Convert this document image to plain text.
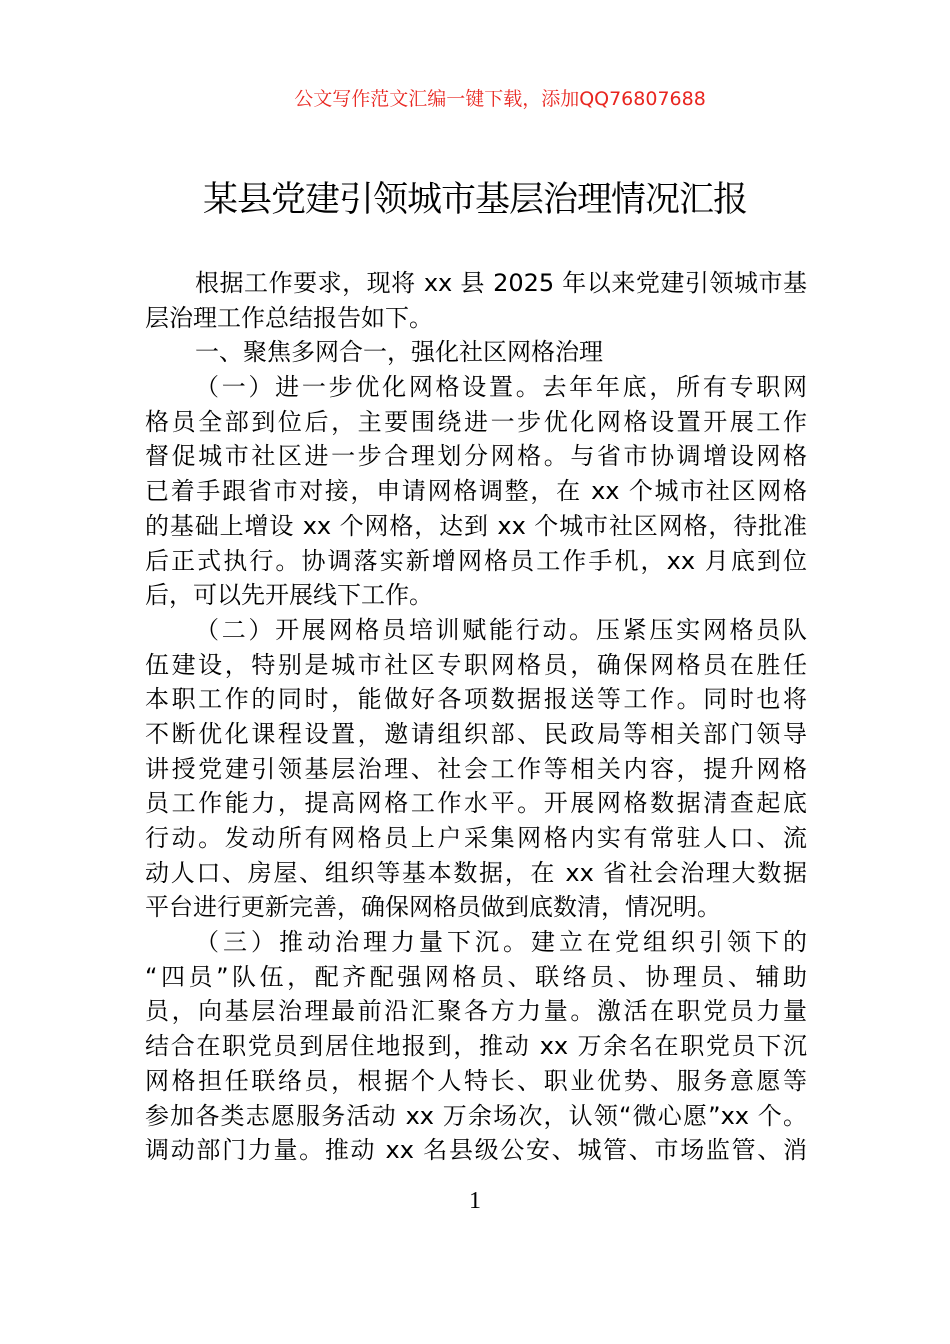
公文写作范文汇编一键下载，添加QQ76807688
某县党建引领城市基层治理情况汇报
根据工作要求，现将 xx 县 2025 年以来党建引领城市基
层治理工作总结报告如下。
一、聚焦多网合一，强化社区网格治理
（一）进一步优化网格设置。去年年底，所有专职网
格员全部到位后，主要围绕进一步优化网格设置开展工作
督促城市社区进一步合理划分网格。与省市协调增设网格
已着手跟省市对接，申请网格调整，在 xx 个城市社区网格
的基础上增设 xx 个网格，达到 xx 个城市社区网格，待批准
后正式执行。协调落实新增网格员工作手机，xx 月底到位
后，可以先开展线下工作。
（二）开展网格员培训赋能行动。压紧压实网格员队
伍建设，特别是城市社区专职网格员，确保网格员在胜任
本职工作的同时，能做好各项数据报送等工作。同时也将
不断优化课程设置，邀请组织部、民政局等相关部门领导
讲授党建引领基层治理、社会工作等相关内容，提升网格
员工作能力，提高网格工作水平。开展网格数据清查起底
行动。发动所有网格员上户采集网格内实有常驻人口、流
动人口、房屋、组织等基本数据，在 xx 省社会治理大数据
平台进行更新完善，确保网格员做到底数清，情况明。
（三）推动治理力量下沉。建立在党组织引领下的
“四员”队伍，配齐配强网格员、联络员、协理员、辅助
员，向基层治理最前沿汇聚各方力量。激活在职党员力量
结合在职党员到居住地报到，推动 xx 万余名在职党员下沉
网格担任联络员，根据个人特长、职业优势、服务意愿等
参加各类志愿服务活动 xx 万余场次，认领“微心愿”xx 个。
调动部门力量。推动 xx 名县级公安、城管、市场监管、消
1
